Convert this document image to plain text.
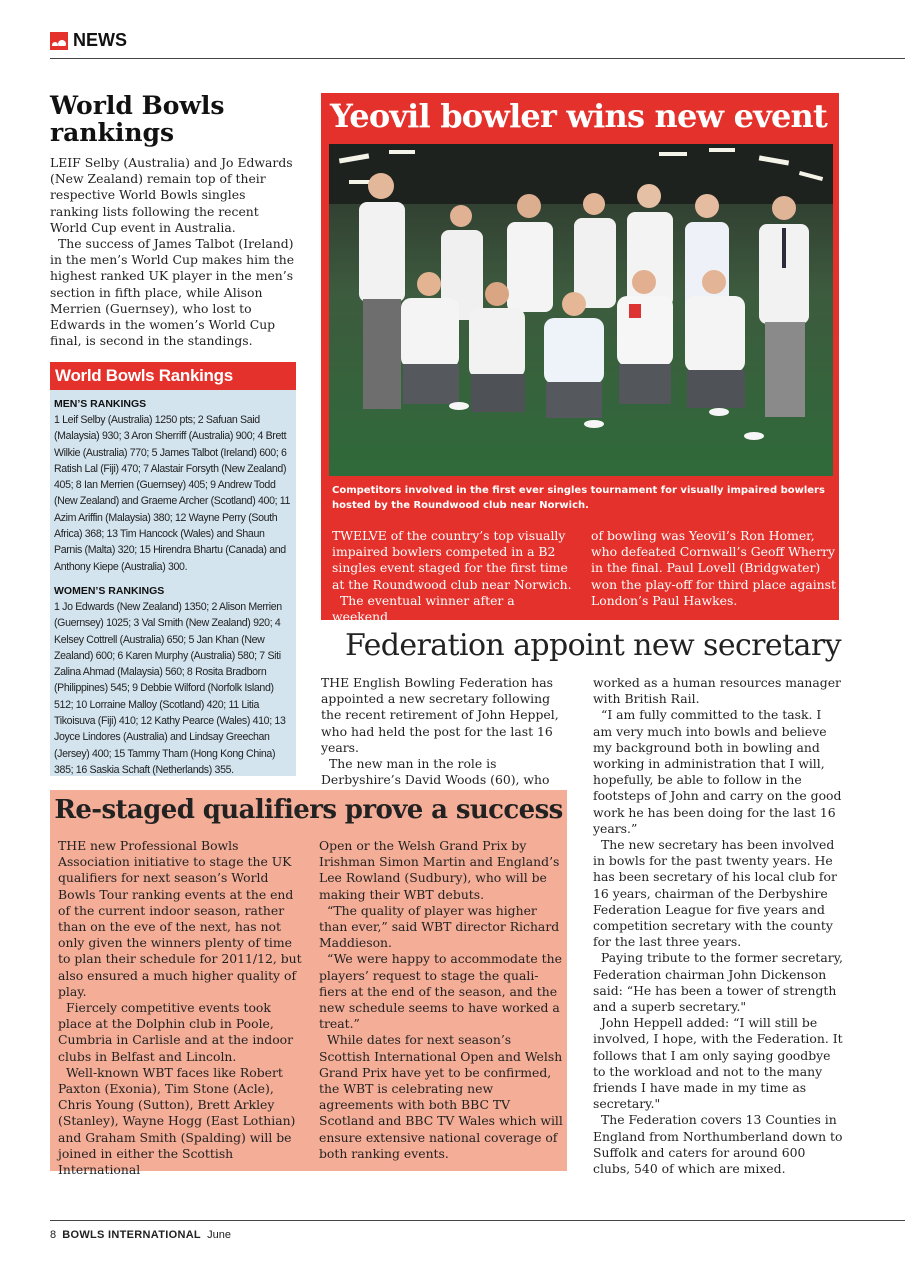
NEWS
World Bowls rankings

LEIF Selby (Australia) and Jo Edwards (New Zealand) remain top of their respective World Bowls singles ranking lists following the recent World Cup event in Australia.

The success of James Talbot (Ireland) in the men’s World Cup makes him the highest ranked UK player in the men’s section in fifth place, while Alison Merrien (Guernsey), who lost to Edwards in the women’s World Cup final, is second in the standings.

World Bowls Rankings
MEN’S RANKINGS

1 Leif Selby (Australia) 1250 pts; 2 Safuan Said (Malaysia) 930; 3 Aron Sherriff (Australia) 900; 4 Brett Wilkie (Australia) 770; 5 James Talbot (Ireland) 600; 6 Ratish Lal (Fiji) 470; 7 Alastair Forsyth (New Zealand) 405; 8 Ian Merrien (Guernsey) 405; 9 Andrew Todd (New Zealand) and Graeme Archer (Scotland) 400; 11 Azim Ariffin (Malaysia) 380; 12 Wayne Perry (South Africa) 368; 13 Tim Hancock (Wales) and Shaun Parnis (Malta) 320; 15 Hirendra Bhartu (Canada) and Anthony Kiepe (Australia) 300.

WOMEN’S RANKINGS

1 Jo Edwards (New Zealand) 1350; 2 Alison Merrien (Guernsey) 1025; 3 Val Smith (New Zealand) 920; 4 Kelsey Cottrell (Australia) 650; 5 Jan Khan (New Zealand) 600; 6 Karen Murphy (Australia) 580; 7 Siti Zalina Ahmad (Malaysia) 560; 8 Rosita Bradborn (Philippines) 545; 9 Debbie Wilford (Norfolk Island) 512; 10 Lorraine Malloy (Scotland) 420; 11 Litia Tikoisuva (Fiji) 410; 12 Kathy Pearce (Wales) 410; 13 Joyce Lindores (Australia) and Lindsay Greechan (Jersey) 400; 15 Tammy Tham (Hong Kong China) 385; 16 Saskia Schaft (Netherlands) 355.

Yeovil bowler wins new event
Competitors involved in the first ever singles tournament for visually impaired bowlers hosted by the Roundwood club near Norwich.

TWELVE of the country’s top visually impaired bowlers competed in a B2 singles event staged for the first time at the Roundwood club near Norwich.

The eventual winner after a weekend

of bowling was Yeovil’s Ron Homer, who defeated Cornwall’s Geoff Wherry in the final. Paul Lovell (Bridgwater) won the play-off for third place against London’s Paul Hawkes.

Federation appoint new secretary

THE English Bowling Federation has appointed a new secretary following the recent retirement of John Heppel, who had held the post for the last 16 years.

The new man in the role is Derbyshire’s David Woods (60), who

worked as a human resources manager with British Rail.

“I am fully committed to the task. I am very much into bowls and believe my background both in bowling and working in administration that I will, hopefully, be able to follow in the footsteps of John and carry on the good work he has been doing for the last 16 years.”

The new secretary has been involved in bowls for the past twenty years. He has been secretary of his local club for 16 years, chairman of the Derbyshire Federation League for five years and competition secretary with the county for the last three years.

Paying tribute to the former secretary, Federation chairman John Dickenson said: “He has been a tower of strength and a superb secretary."

John Heppell added: “I will still be involved, I hope, with the Federation. It follows that I am only saying goodbye to the workload and not to the many friends I have made in my time as secretary."

The Federation covers 13 Counties in England from Northumberland down to Suffolk and caters for around 600 clubs, 540 of which are mixed.

Re-staged qualifiers prove a success

THE new Professional Bowls Association initiative to stage the UK qualifiers for next season’s World Bowls Tour ranking events at the end of the current indoor season, rather than on the eve of the next, has not only given the winners plenty of time to plan their schedule for 2011/12, but also ensured a much higher quality of play.

Fiercely competitive events took place at the Dolphin club in Poole, Cumbria in Carlisle and at the indoor clubs in Belfast and Lincoln.

Well-known WBT faces like Robert Paxton (Exonia), Tim Stone (Acle), Chris Young (Sutton), Brett Arkley (Stanley), Wayne Hogg (East Lothian) and Graham Smith (Spalding) will be joined in either the Scottish International

Open or the Welsh Grand Prix by Irishman Simon Martin and England’s Lee Rowland (Sudbury), who will be making their WBT debuts.

“The quality of player was higher than ever,” said WBT director Richard Maddieson.

“We were happy to accommodate the players’ request to stage the quali-fiers at the end of the season, and the new schedule seems to have worked a treat.”

While dates for next season’s Scottish International Open and Welsh Grand Prix have yet to be confirmed, the WBT is celebrating new agreements with both BBC TV Scotland and BBC TV Wales which will ensure extensive national coverage of both ranking events.

8 BOWLS INTERNATIONAL June
